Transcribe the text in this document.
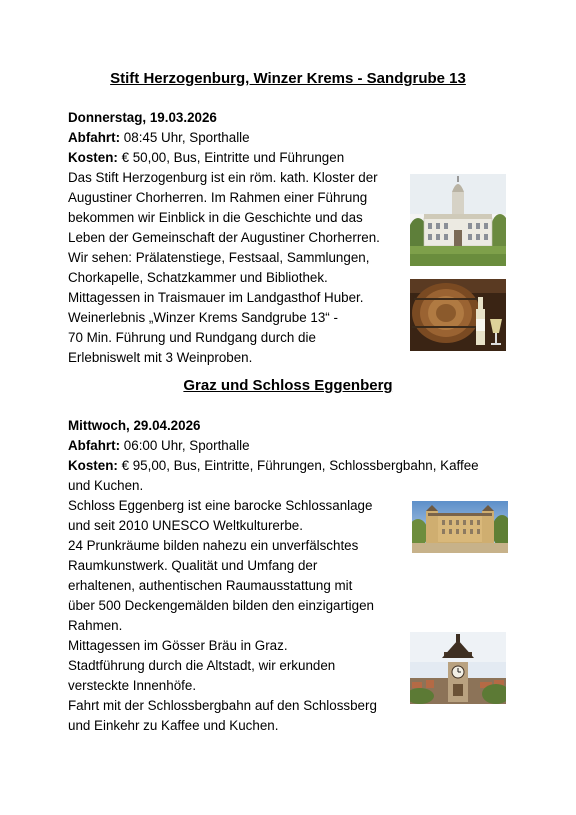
Stift Herzogenburg, Winzer Krems - Sandgrube 13
Donnerstag, 19.03.2026
Abfahrt: 08:45 Uhr, Sporthalle
Kosten: € 50,00, Bus, Eintritte und Führungen
Das Stift Herzogenburg ist ein röm. kath. Kloster der
Augustiner Chorherren. Im Rahmen einer Führung
bekommen wir Einblick in die Geschichte und das
Leben der Gemeinschaft der Augustiner Chorherren.
Wir sehen: Prälatenstiege, Festsaal, Sammlungen,
Chorkapelle, Schatzkammer und Bibliothek.
Mittagessen in Traismauer im Landgasthof Huber.
Weinerlebnis „Winzer Krems Sandgrube 13“ -
70 Min. Führung und Rundgang durch die
Erlebniswelt mit 3 Weinproben.
Graz und Schloss Eggenberg
Mittwoch, 29.04.2026
Abfahrt: 06:00 Uhr, Sporthalle
Kosten: € 95,00, Bus, Eintritte, Führungen, Schlossbergbahn, Kaffee
und Kuchen.
Schloss Eggenberg ist eine barocke Schlossanlage
und seit 2010 UNESCO Weltkulturerbe.
24 Prunkräume bilden nahezu ein unverfälschtes
Raumkunstwerk. Qualität und Umfang der
erhaltenen, authentischen Raumausstattung mit
über 500 Deckengemälden bilden den einzigartigen
Rahmen.
Mittagessen im Gösser Bräu in Graz.
Stadtführung durch die Altstadt, wir erkunden
versteckte Innenhöfe.
Fahrt mit der Schlossbergbahn auf den Schlossberg
und Einkehr zu Kaffee und Kuchen.
